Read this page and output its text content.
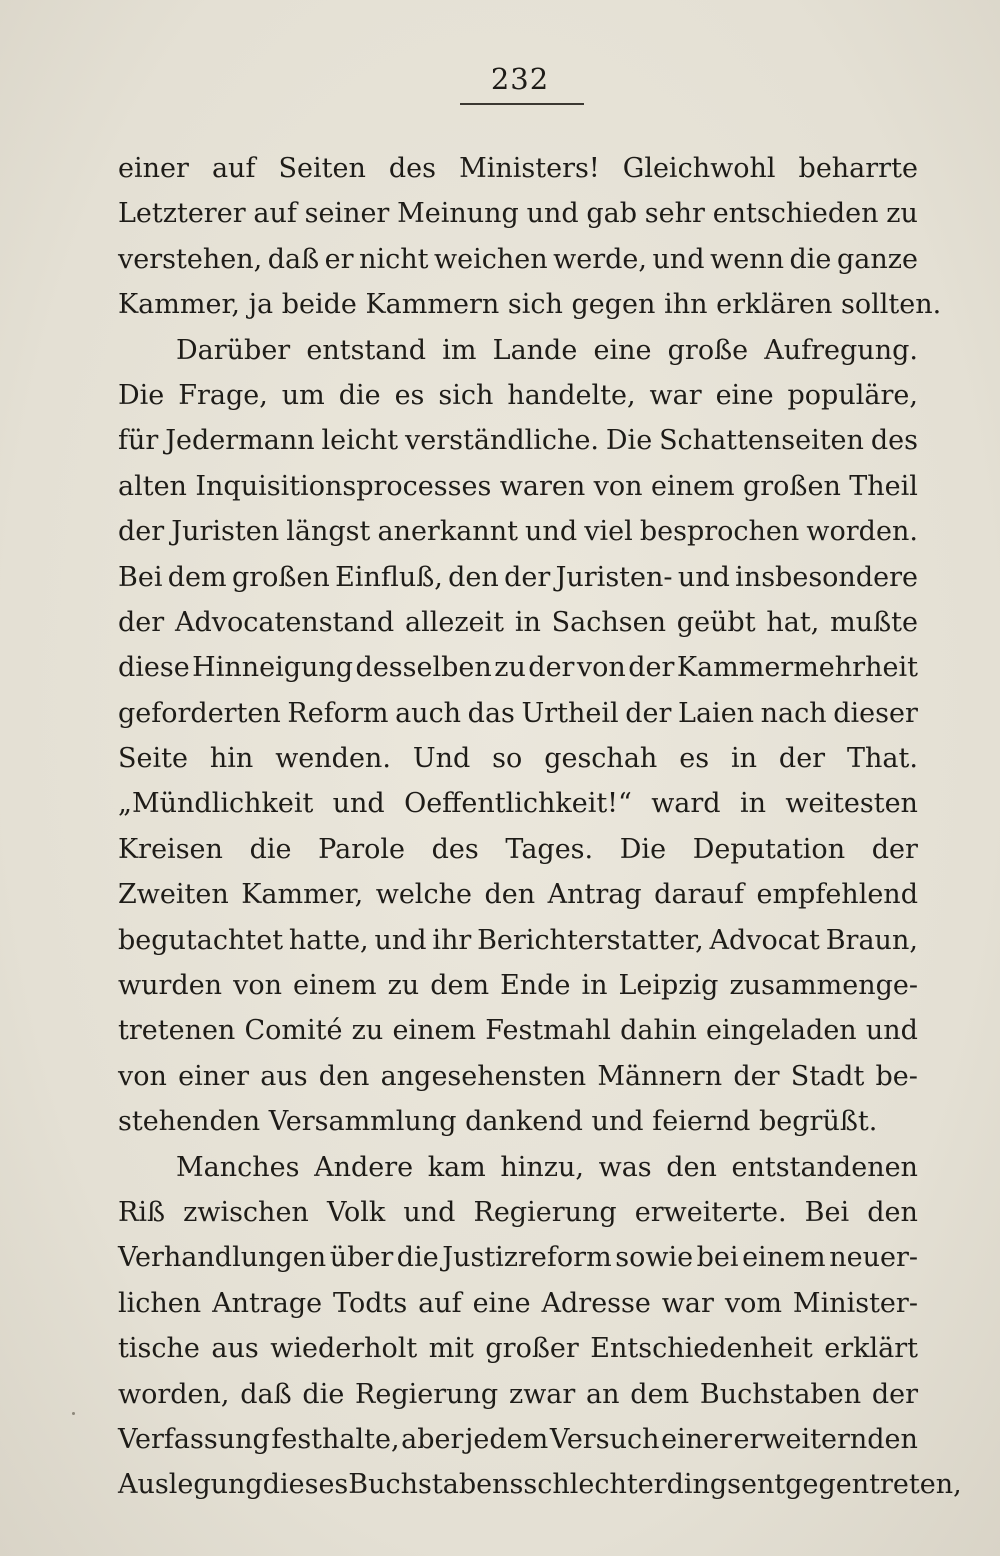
232
einer auf Seiten des Ministers! Gleichwohl beharrte
Letzterer auf seiner Meinung und gab sehr entschieden zu
verstehen, daß er nicht weichen werde, und wenn die ganze
Kammer, ja beide Kammern sich gegen ihn erklären sollten.
Darüber entstand im Lande eine große Aufregung.
Die Frage, um die es sich handelte, war eine populäre,
für Jedermann leicht verständliche. Die Schattenseiten des
alten Inquisitionsprocesses waren von einem großen Theil
der Juristen längst anerkannt und viel besprochen worden.
Bei dem großen Einfluß, den der Juristen- und insbesondere
der Advocatenstand allezeit in Sachsen geübt hat, mußte
diese Hinneigung desselben zu der von der Kammermehrheit
geforderten Reform auch das Urtheil der Laien nach dieser
Seite hin wenden. Und so geschah es in der That.
„Mündlichkeit und Oeffentlichkeit!“ ward in weitesten
Kreisen die Parole des Tages. Die Deputation der
Zweiten Kammer, welche den Antrag darauf empfehlend
begutachtet hatte, und ihr Berichterstatter, Advocat Braun,
wurden von einem zu dem Ende in Leipzig zusammenge-
tretenen Comité zu einem Festmahl dahin eingeladen und
von einer aus den angesehensten Männern der Stadt be-
stehenden Versammlung dankend und feiernd begrüßt.
Manches Andere kam hinzu, was den entstandenen
Riß zwischen Volk und Regierung erweiterte. Bei den
Verhandlungen über die Justizreform sowie bei einem neuer-
lichen Antrage Todts auf eine Adresse war vom Minister-
tische aus wiederholt mit großer Entschiedenheit erklärt
worden, daß die Regierung zwar an dem Buchstaben der
Verfassung festhalte, aber jedem Versuch einer erweiternden
Auslegung dieses Buchstabens schlechterdings entgegentreten,
